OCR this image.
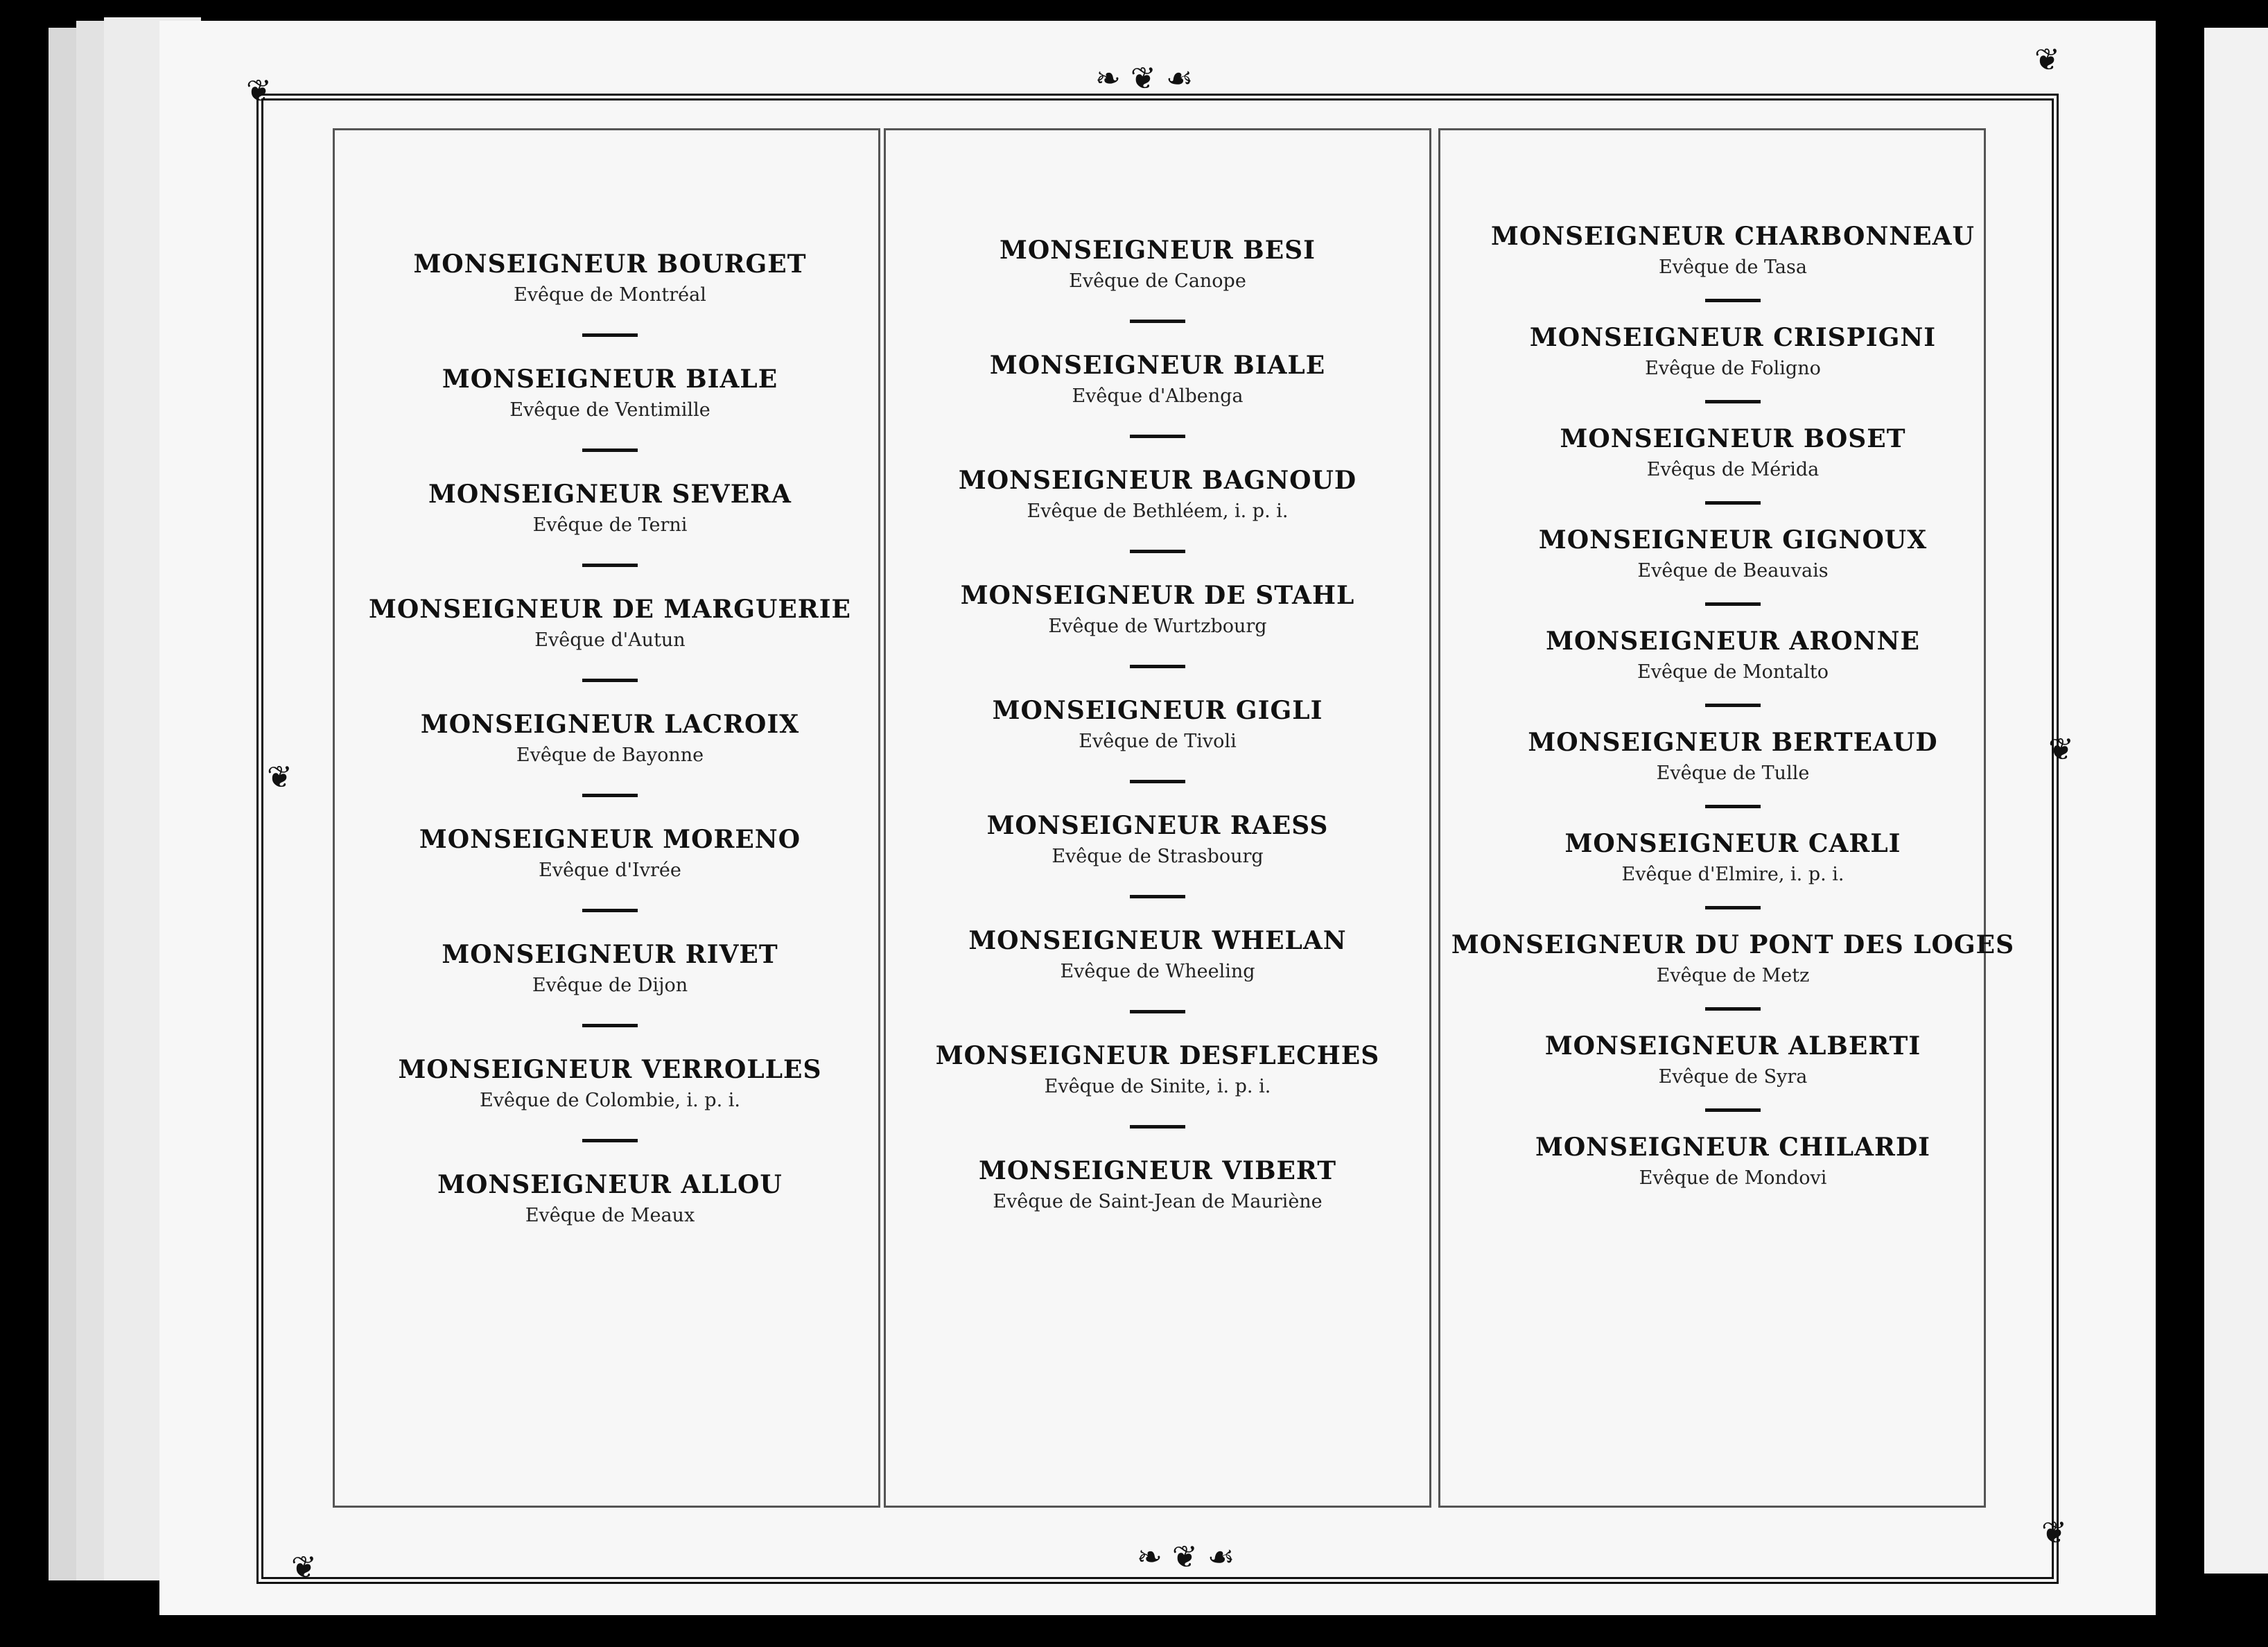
❦
❦
❦
❦
❧ ❦ ☙
❧ ❦ ☙
❦
❦
MONSEIGNEUR BOURGET
Evêque de Montréal
MONSEIGNEUR BIALE
Evêque de Ventimille
MONSEIGNEUR SEVERA
Evêque de Terni
MONSEIGNEUR DE MARGUERIE
Evêque d'Autun
MONSEIGNEUR LACROIX
Evêque de Bayonne
MONSEIGNEUR MORENO
Evêque d'Ivrée
MONSEIGNEUR RIVET
Evêque de Dijon
MONSEIGNEUR VERROLLES
Evêque de Colombie, i. p. i.
MONSEIGNEUR ALLOU
Evêque de Meaux
MONSEIGNEUR BESI
Evêque de Canope
MONSEIGNEUR BIALE
Evêque d'Albenga
MONSEIGNEUR BAGNOUD
Evêque de Bethléem, i. p. i.
MONSEIGNEUR DE STAHL
Evêque de Wurtzbourg
MONSEIGNEUR GIGLI
Evêque de Tivoli
MONSEIGNEUR RAESS
Evêque de Strasbourg
MONSEIGNEUR WHELAN
Evêque de Wheeling
MONSEIGNEUR DESFLECHES
Evêque de Sinite, i. p. i.
MONSEIGNEUR VIBERT
Evêque de Saint-Jean de Mauriène
MONSEIGNEUR CHARBONNEAU
Evêque de Tasa
MONSEIGNEUR CRISPIGNI
Evêque de Foligno
MONSEIGNEUR BOSET
Evêqus de Mérida
MONSEIGNEUR GIGNOUX
Evêque de Beauvais
MONSEIGNEUR ARONNE
Evêque de Montalto
MONSEIGNEUR BERTEAUD
Evêque de Tulle
MONSEIGNEUR CARLI
Evêque d'Elmire, i. p. i.
MONSEIGNEUR DU PONT DES LOGES
Evêque de Metz
MONSEIGNEUR ALBERTI
Evêque de Syra
MONSEIGNEUR CHILARDI
Evêque de Mondovi
